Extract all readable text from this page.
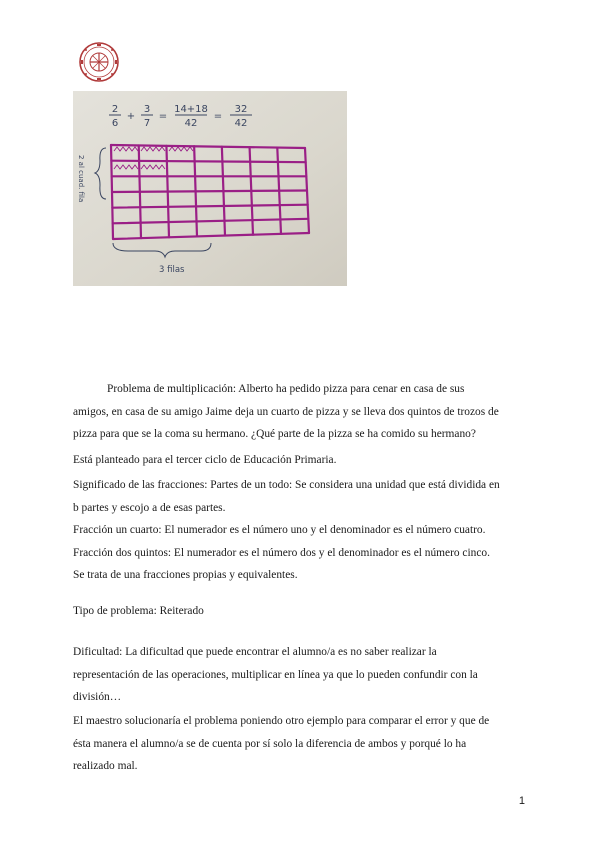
2
6
+
3
7
=
14+18
42
=
32
42
2 al cuad. fila
3 filas

Problema de multiplicación: Alberto ha pedido pizza para cenar en casa de sus

amigos, en casa de su amigo Jaime deja un cuarto de pizza y se lleva dos quintos de trozos de

pizza para que se la coma su hermano. ¿Qué parte de la pizza se ha comido su hermano?

Está planteado para el tercer ciclo de Educación Primaria.

Significado de las fracciones: Partes de un todo: Se considera una unidad que está dividida en

b partes y escojo a de esas partes.

Fracción un cuarto: El numerador es el número uno y el denominador es el número cuatro.

Fracción dos quintos: El numerador es el número dos y el denominador es el número cinco.

Se trata de una fracciones propias y equivalentes.

Tipo de problema: Reiterado

Dificultad: La dificultad que puede encontrar el alumno/a es no saber realizar la

representación de las operaciones, multiplicar en línea ya que lo pueden confundir con la

división…

El maestro solucionaría el problema poniendo otro ejemplo para comparar el error y que de

ésta manera el alumno/a se de cuenta por sí solo la diferencia de ambos y porqué lo ha

realizado mal.

1
